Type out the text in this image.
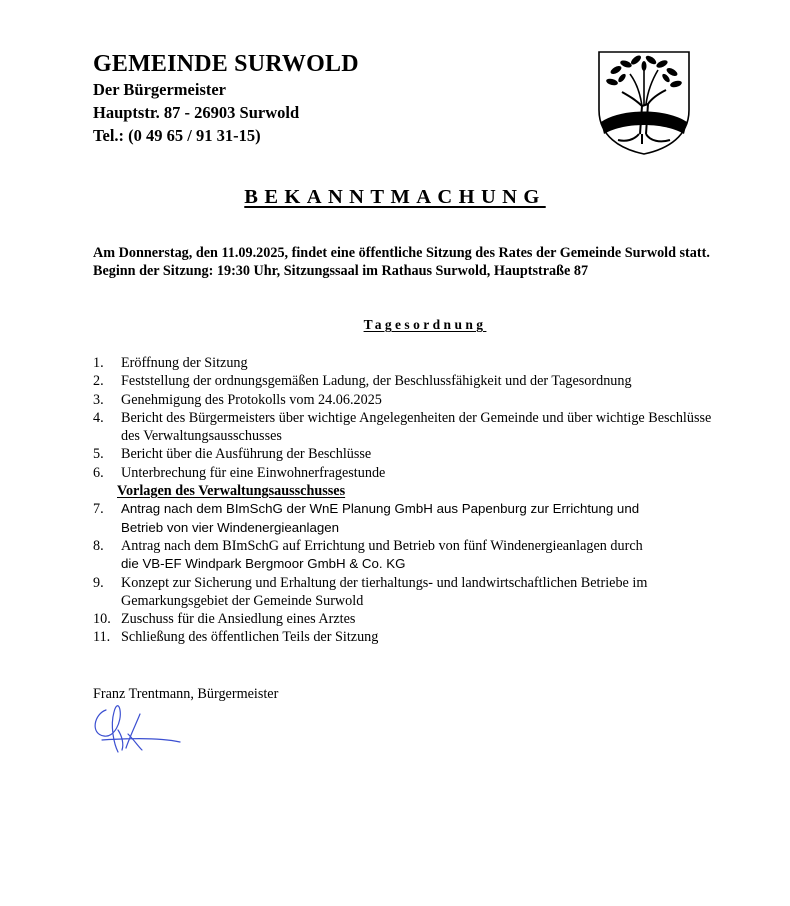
GEMEINDE SURWOLD
Der Bürgermeister
Hauptstr. 87 - 26903 Surwold
Tel.: (0 49 65 / 91 31-15)
BEKANNTMACHUNG

Am Donnerstag, den 11.09.2025, findet eine öffentliche Sitzung des Rates der Gemeinde Surwold statt.

Beginn der Sitzung: 19:30 Uhr, Sitzungssaal im Rathaus Surwold, Hauptstraße 87

Tagesordnung
1.	Eröffnung der Sitzung
2.	Feststellung der ordnungsgemäßen Ladung, der Beschlussfähigkeit und der Tagesordnung
3.	Genehmigung des Protokolls vom 24.06.2025
4.	Bericht des Bürgermeisters über wichtige Angelegenheiten der Gemeinde und über wichtige Beschlüsse des Verwaltungsausschusses
5.	Bericht über die Ausführung der Beschlüsse
6.	Unterbrechung für eine Einwohnerfragestunde
Vorlagen des Verwaltungsausschusses
7.	Antrag nach dem BImSchG der WnE Planung GmbH aus Papenburg zur Errichtung und
Betrieb von vier Windenergieanlagen
8.	Antrag nach dem BImSchG auf Errichtung und Betrieb von fünf Windenergieanlagen durch
die VB-EF Windpark Bergmoor GmbH & Co. KG
9.	Konzept zur Sicherung und Erhaltung der tierhaltungs- und landwirtschaftlichen Betriebe im Gemarkungsgebiet der Gemeinde Surwold
10. Zuschuss für die Ansiedlung eines Arztes
11. Schließung des öffentlichen Teils der Sitzung
Franz Trentmann, Bürgermeister
